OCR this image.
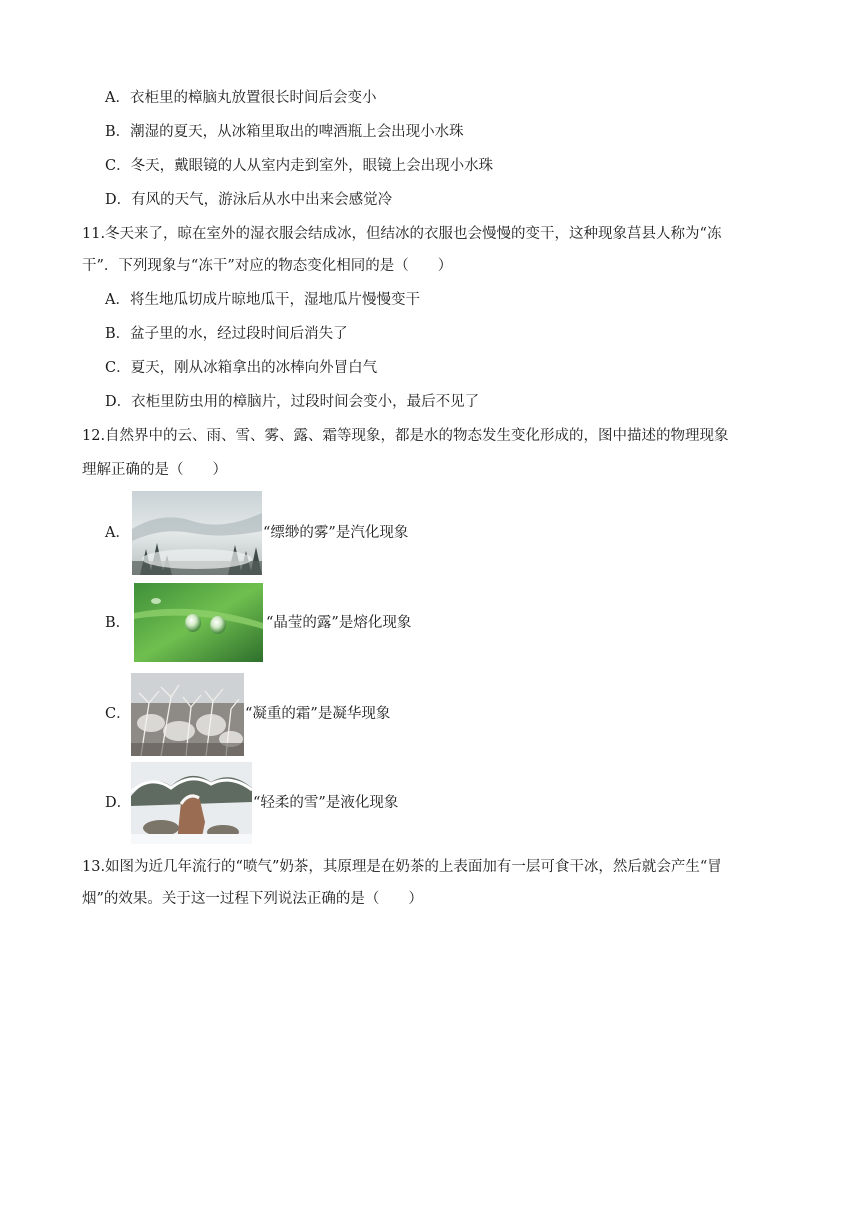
A．衣柜里的樟脑丸放置很长时间后会变小
B．潮湿的夏天，从冰箱里取出的啤酒瓶上会出现小水珠
C．冬天，戴眼镜的人从室内走到室外，眼镜上会出现小水珠
D．有风的天气，游泳后从水中出来会感觉冷
11.冬天来了，晾在室外的湿衣服会结成冰，但结冰的衣服也会慢慢的变干，这种现象莒县人称为“冻
干”．下列现象与“冻干”对应的物态变化相同的是（　　）
A．将生地瓜切成片晾地瓜干，湿地瓜片慢慢变干
B．盆子里的水，经过段时间后消失了
C．夏天，刚从冰箱拿出的冰棒向外冒白气
D．衣柜里防虫用的樟脑片，过段时间会变小，最后不见了
12.自然界中的云、雨、雪、雾、露、霜等现象，都是水的物态发生变化形成的，图中描述的物理现象
理解正确的是（　　）
A．	“缥缈的雾”是汽化现象
B．	“晶莹的露”是熔化现象
C．	“凝重的霜”是凝华现象
D．	“轻柔的雪”是液化现象
13.如图为近几年流行的“喷气”奶茶，其原理是在奶茶的上表面加有一层可食干冰，然后就会产生“冒
烟”的效果。关于这一过程下列说法正确的是（　　）
